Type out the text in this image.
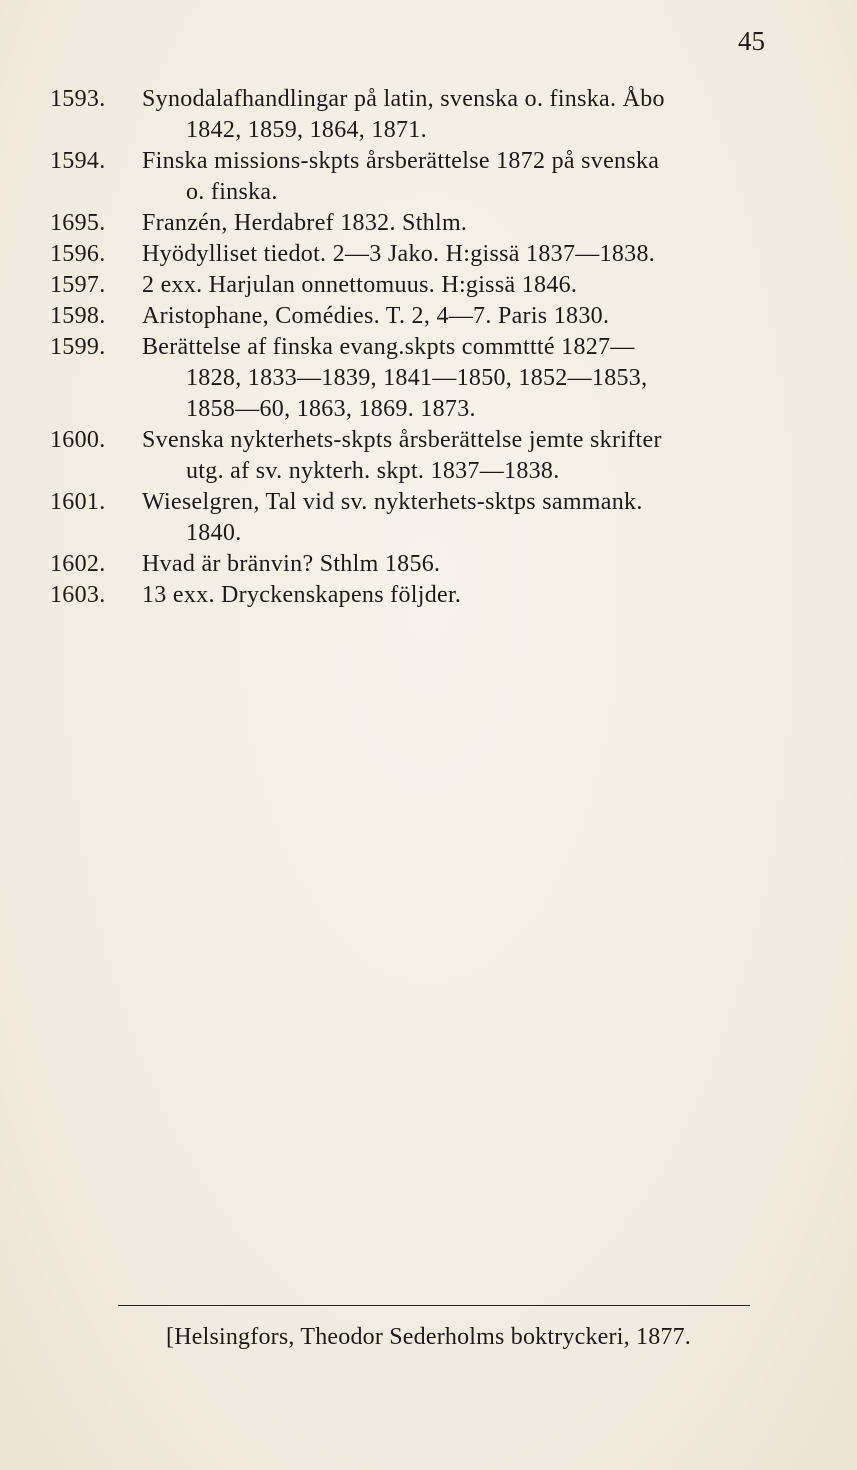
45
1593.	Synodalafhandlingar på latin, svenska o. finska. Åbo
1842, 1859, 1864, 1871.
1594.	Finska missions-skpts årsberättelse 1872 på svenska
o. finska.
1695.	Franzén, Herdabref 1832. Sthlm.
1596.	Hyödylliset tiedot. 2—3 Jako. H:gissä 1837—1838.
1597.	2 exx. Harjulan onnettomuus. H:gissä 1846.
1598.	Aristophane, Comédies. T. 2, 4—7. Paris 1830.
1599.	Berättelse af finska evang.skpts commttté 1827—
1828, 1833—1839, 1841—1850, 1852—1853,
1858—60, 1863, 1869. 1873.
1600.	Svenska nykterhets-skpts årsberättelse jemte skrifter
utg. af sv. nykterh. skpt. 1837—1838.
1601.	Wieselgren, Tal vid sv. nykterhets-sktps sammank.
1840.
1602.	Hvad är bränvin? Sthlm 1856.
1603.	13 exx. Dryckenskapens följder.
[Helsingfors, Theodor Sederholms boktryckeri, 1877.
